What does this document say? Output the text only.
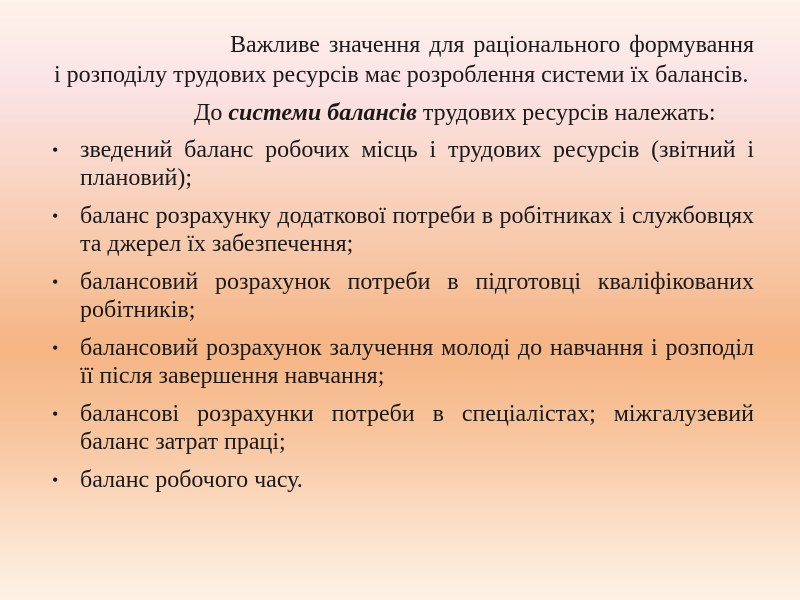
Важливе значення для раціонального формування і розподілу трудових ресурсів має розроблення системи їх балансів.

До системи балансів трудових ресурсів належать:

• зведений баланс робочих місць і трудових ресурсів (звітний і плановий);
• баланс розрахунку додаткової потреби в робітниках і службовцях та джерел їх забезпечення;
• балансовий розрахунок потреби в підготовці кваліфікованих робітників;
• балансовий розрахунок залучення молоді до навчання і розподіл її після завершення навчання;
• балансові розрахунки потреби в спеціалістах; міжгалузевий баланс затрат праці;
• баланс робочого часу.
